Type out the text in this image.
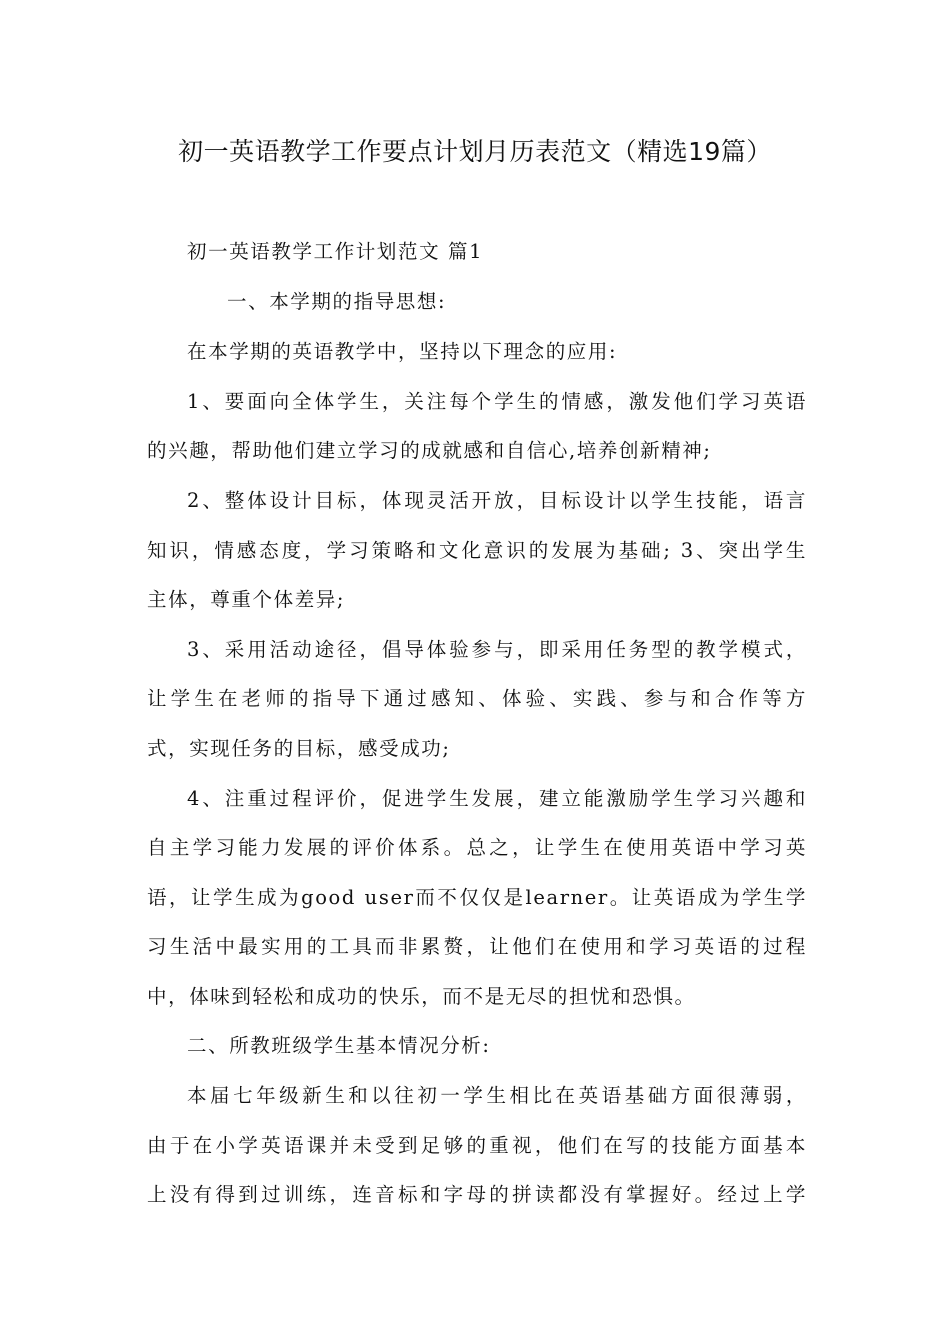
初一英语教学工作要点计划月历表范文（精选19篇）
初一英语教学工作计划范文 篇1
一、本学期的指导思想:
在本学期的英语教学中，坚持以下理念的应用:
1、要面向全体学生，关注每个学生的情感，激发他们学习英语
的兴趣，帮助他们建立学习的成就感和自信心,培养创新精神;
2、整体设计目标，体现灵活开放，目标设计以学生技能，语言
知识，情感态度，学习策略和文化意识的发展为基础; 3、突出学生
主体，尊重个体差异;
3、采用活动途径，倡导体验参与，即采用任务型的教学模式，
让学生在老师的指导下通过感知、体验、实践、参与和合作等方
式，实现任务的目标，感受成功;
4、注重过程评价，促进学生发展，建立能激励学生学习兴趣和
自主学习能力发展的评价体系。总之，让学生在使用英语中学习英
语，让学生成为good user而不仅仅是learner。让英语成为学生学
习生活中最实用的工具而非累赘，让他们在使用和学习英语的过程
中，体味到轻松和成功的快乐，而不是无尽的担忧和恐惧。
二、所教班级学生基本情况分析:
本届七年级新生和以往初一学生相比在英语基础方面很薄弱，
由于在小学英语课并未受到足够的重视，他们在写的技能方面基本
上没有得到过训练，连音标和字母的拼读都没有掌握好。经过上学
